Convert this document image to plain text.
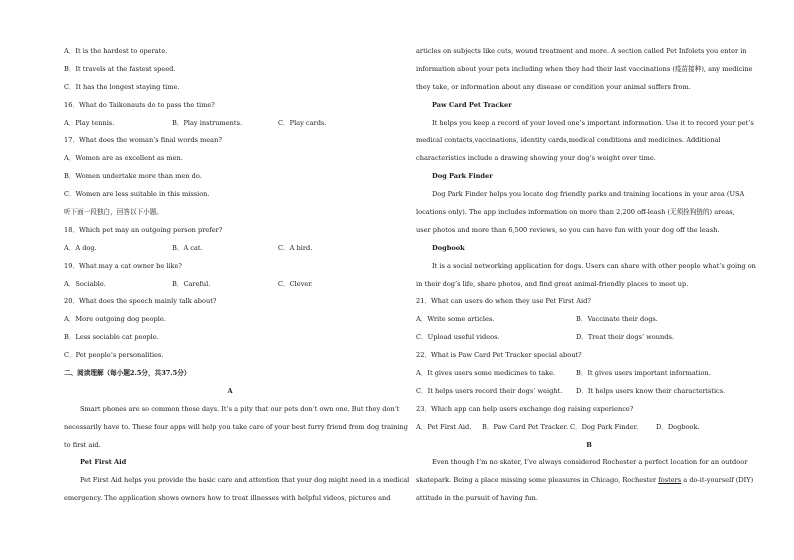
A．It is the hardest to operate.
B．It travels at the fastest speed.
C．It has the longest staying time.
16．What do Taikonauts do to pass the time?
A．Play tennis.	B．Play instruments.	C．Play cards.
17．What does the woman’s final words mean?
A．Women are as excellent as men.
B．Women undertake more than men do.
C．Women are less suitable in this mission.
听下面一段独白，回答以下小题。
18．Which pet may an outgoing person prefer?
A．A dog.	B．A cat.	C．A bird.
19．What may a cat owner be like?
A．Sociable.	B．Careful.	C．Clever.
20．What does the speech mainly talk about?
A．More outgoing dog people.
B．Less sociable cat people.
C．Pet people’s personalities.
二、阅读理解（每小题2.5分，共37.5分）
A
Smart phones are so common these days. It’s a pity that our pets don’t own one. But they don’t
necessarily have to. These four apps will help you take care of your best furry friend from dog training
to first aid.
Pet First Aid
Pet First Aid helps you provide the basic care and attention that your dog might need in a medical
emergency. The application shows owners how to treat illnesses with helpful videos, pictures and
articles on subjects like cuts, wound treatment and more. A section called Pet Infolets you enter in
information about your pets including when they had their last vaccinations (疫苗接种), any medicine
they take, or information about any disease or condition your animal suffers from.
Paw Card Pet Tracker
It helps you keep a record of your loved one’s important information. Use it to record your pet’s
medical contacts,vaccinations, identity cards,medical conditions and medicines. Additional
characteristics include a drawing showing your dog’s weight over time.
Dog Park Finder
Dog Park Finder helps you locate dog friendly parks and training locations in your area (USA
locations only). The app includes information on more than 2,200 off-leash (无须拴狗链的) areas,
user photos and more than 6,500 reviews, so you can have fun with your dog off the leash.
Dogbook
It is a social networking application for dogs. Users can share with other people what’s going on
in their dog’s life, share photos, and find great animal-friendly places to meet up.
21．What can users do when they use Pet First Aid?
A．Write some articles.	B．Vaccinate their dogs.
C．Upload useful videos.	D．Treat their dogs’ wounds.
22．What is Paw Card Pet Tracker special about?
A．It gives users some medicines to take.	B．It gives users important information.
C．It helps users record their dogs’ weight.	D．It helps users know their characteristics.
23．Which app can help users exchange dog raising experience?
A．Pet First Aid.	B．Paw Card Pet Tracker. C．Dog Park Finder.	D．Dogbook.
B
Even though I’m no skater, I’ve always considered Rochester a perfect location for an outdoor
skatepark. Being a place missing some pleasures in Chicago, Rochester fosters a do-it-yourself (DIY)
attitude in the pursuit of having fun.
